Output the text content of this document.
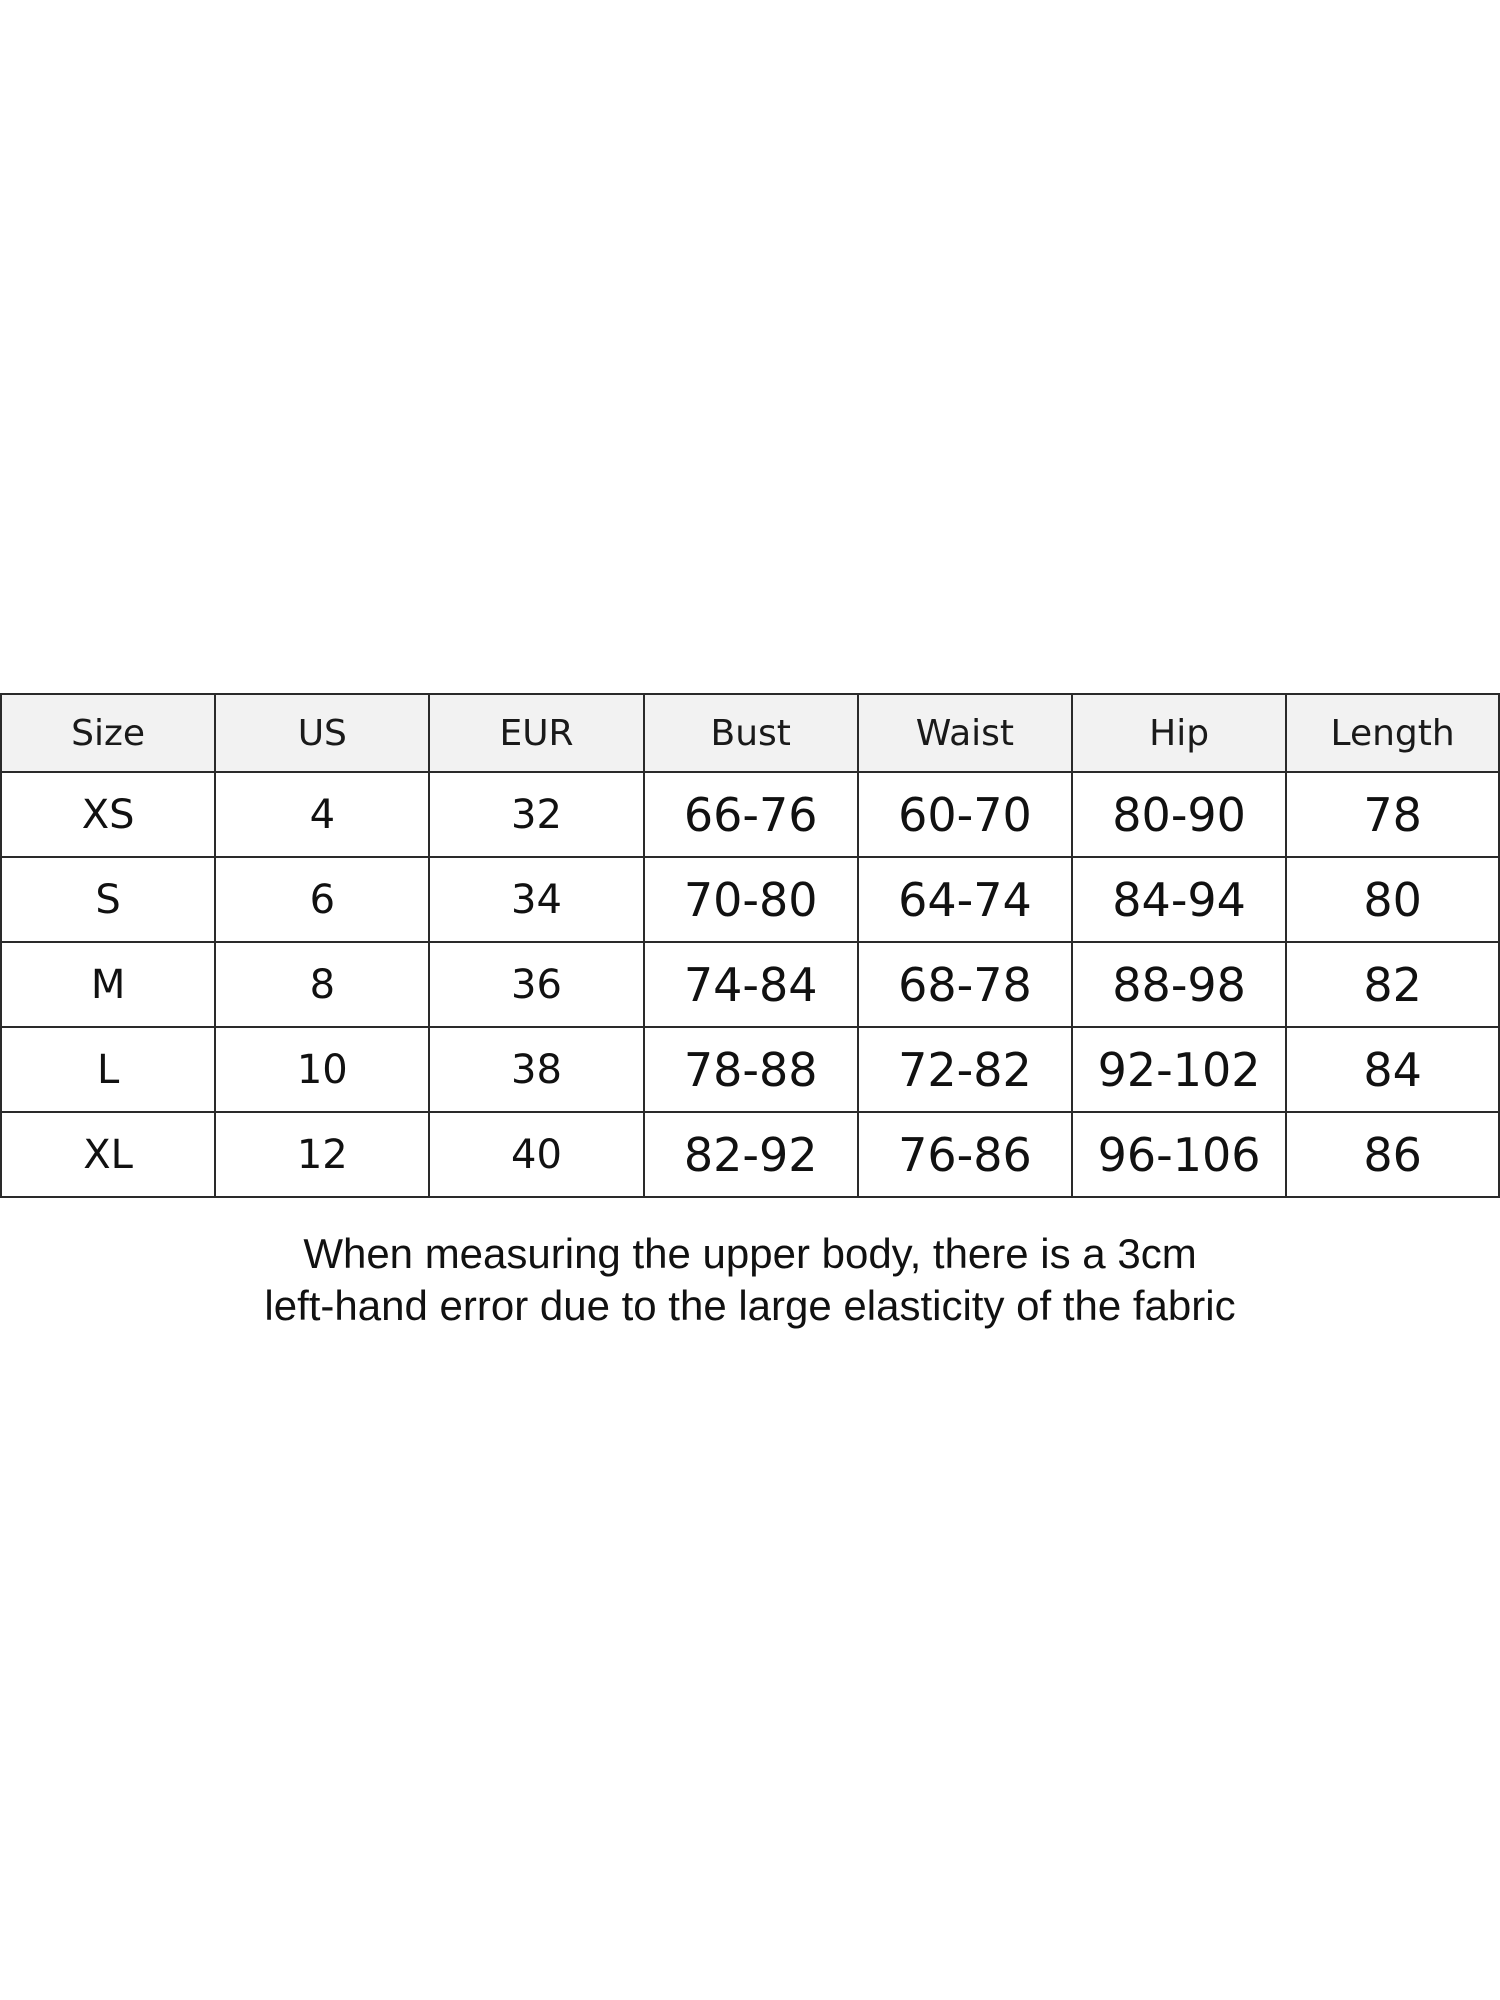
Size	US	EUR	Bust	Waist	Hip	Length
XS	4	32	66-76	60-70	80-90	78
S	6	34	70-80	64-74	84-94	80
M	8	36	74-84	68-78	88-98	82
L	10	38	78-88	72-82	92-102	84
XL	12	40	82-92	76-86	96-106	86
When measuring the upper body, there is a 3cm
left-hand error due to the large elasticity of the fabric
